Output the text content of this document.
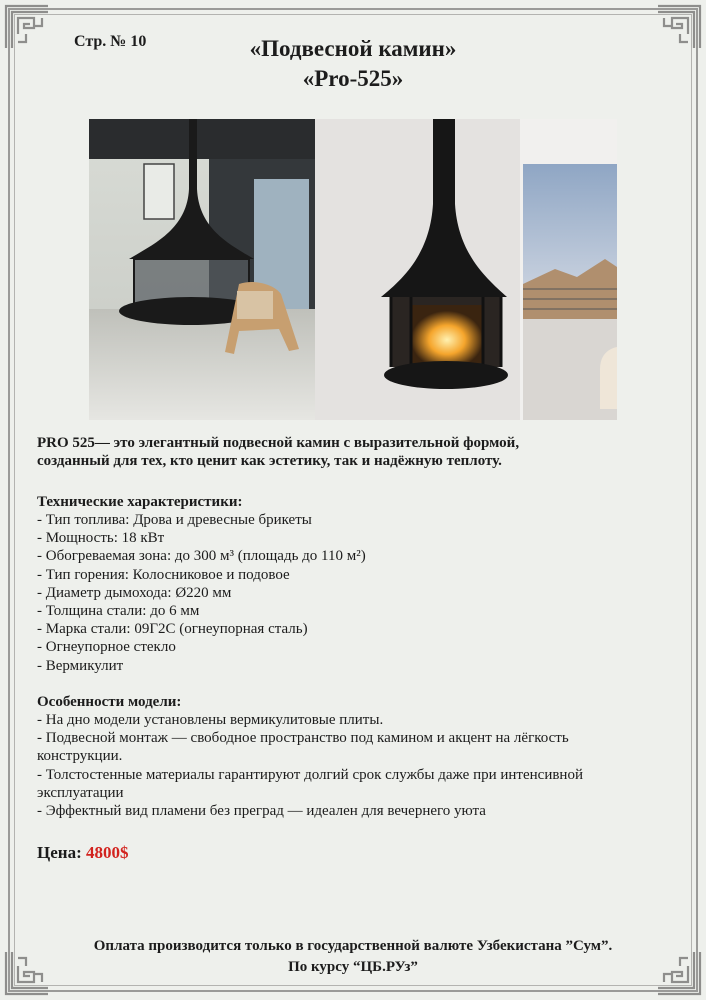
Стр. № 10	«Подвесной камин»
«Pro-525»
PRO 525— это элегантный подвесной камин с выразительной формой,
созданный для тех, кто ценит как эстетику, так и надёжную теплоту.
Технические характеристики:
- Тип топлива: Дрова и древесные брикеты
- Мощность: 18 кВт
- Обогреваемая зона: до 300 м³ (площадь до 110 м²)
- Тип горения: Колосниковое и подовое
- Диаметр дымохода: Ø220 мм
- Толщина стали: до 6 мм
- Марка стали: 09Г2С (огнеупорная сталь)
- Огнеупорное стекло
- Вермикулит
Особенности модели:
- На дно модели установлены вермикулитовые плиты.
- Подвесной монтаж — свободное пространство под камином и акцент на лёгкость
конструкции.
- Толстостенные материалы гарантируют долгий срок службы даже при интенсивной
эксплуатации
- Эффектный вид пламени без преград — идеален для вечернего уюта
Цена: 4800$
Оплата производится только в государственной валюте Узбекистана ”Сум”.
По курсу “ЦБ.РУз”
